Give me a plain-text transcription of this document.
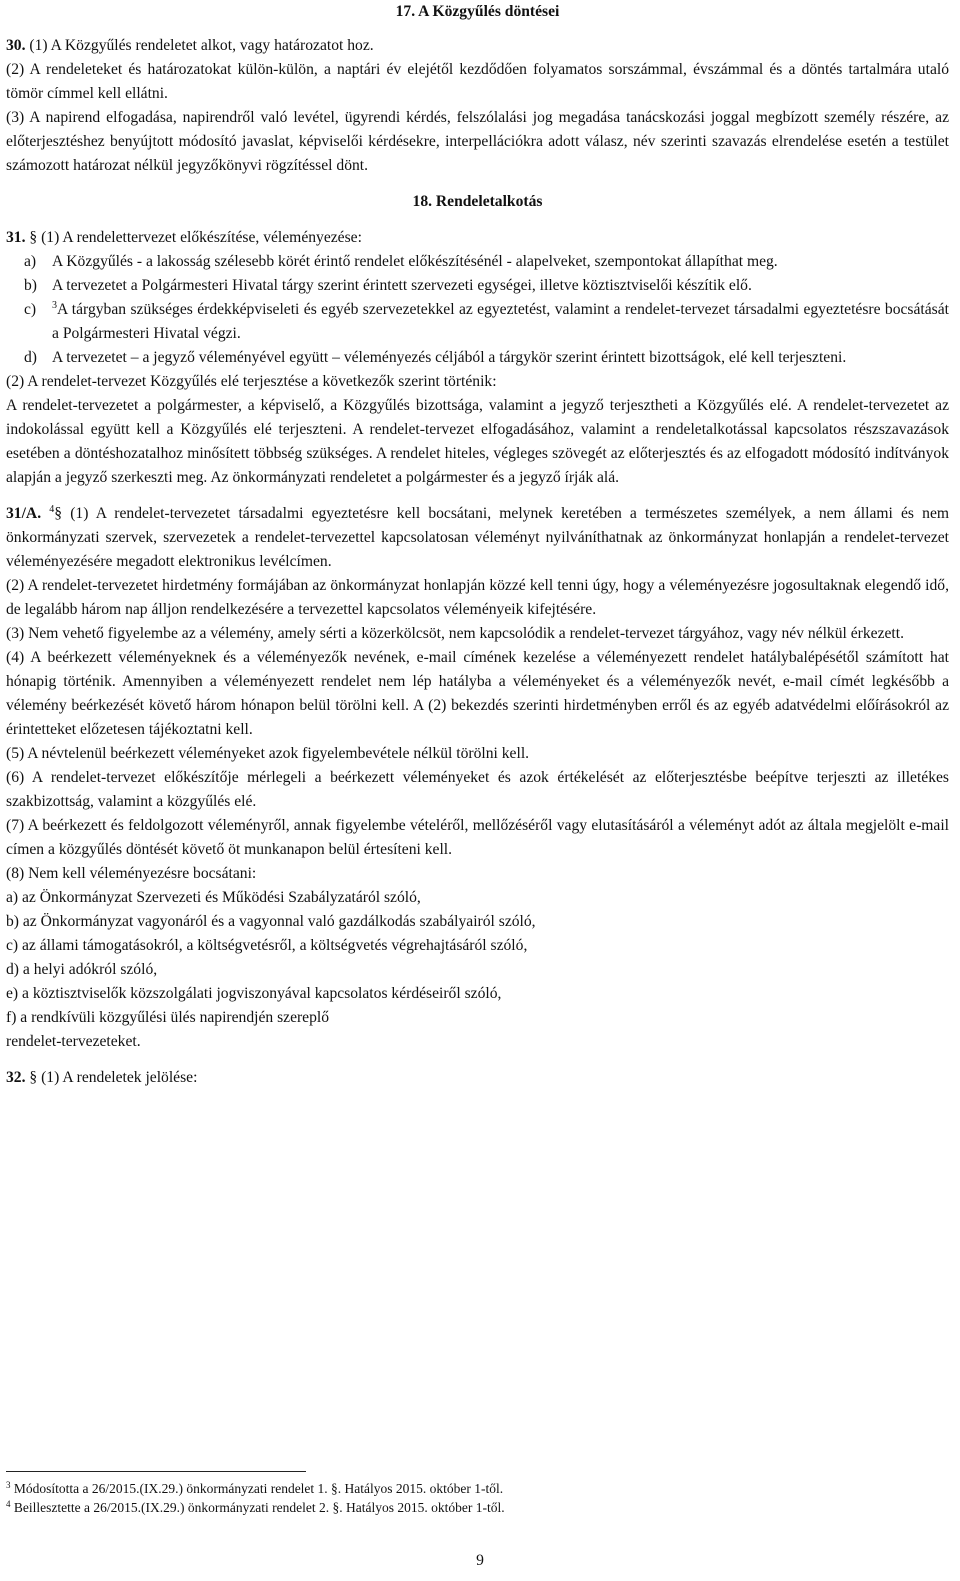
17. A Közgyűlés döntései

30. (1) A Közgyűlés rendeletet alkot, vagy határozatot hoz.

(2) A rendeleteket és határozatokat külön-külön, a naptári év elejétől kezdődően folyamatos sorszámmal, évszámmal és a döntés tartalmára utaló tömör címmel kell ellátni.

(3) A napirend elfogadása, napirendről való levétel, ügyrendi kérdés, felszólalási jog megadása tanácskozási joggal megbízott személy részére, az előterjesztéshez benyújtott módosító javaslat, képviselői kérdésekre, interpellációkra adott válasz, név szerinti szavazás elrendelése esetén a testület számozott határozat nélkül jegyzőkönyvi rögzítéssel dönt.

18. Rendeletalkotás

31. § (1) A rendelettervezet előkészítése, véleményezése:

a)	A Közgyűlés - a lakosság szélesebb körét érintő rendelet előkészítésénél - alapelveket, szempontokat állapíthat meg.
b) A tervezetet a Polgármesteri Hivatal tárgy szerint érintett szervezeti egységei, illetve köztisztviselői készítik elő.
c)	$^3$A tárgyban szükséges érdekképviseleti és egyéb szervezetekkel az egyeztetést, valamint a rendelet-tervezet társadalmi egyeztetésre bocsátását a Polgármesteri Hivatal végzi.
d) A tervezetet – a jegyző véleményével együtt – véleményezés céljából a tárgykör szerint érintett bizottságok, elé kell terjeszteni.

(2) A rendelet-tervezet Közgyűlés elé terjesztése a következők szerint történik:

A rendelet-tervezetet a polgármester, a képviselő, a Közgyűlés bizottsága, valamint a jegyző terjesztheti a Közgyűlés elé. A rendelet-tervezetet az indokolással együtt kell a Közgyűlés elé terjeszteni. A rendelet-tervezet elfogadásához, valamint a rendeletalkotással kapcsolatos részszavazások esetében a döntéshozatalhoz minősített többség szükséges. A rendelet hiteles, végleges szövegét az előterjesztés és az elfogadott módosító indítványok alapján a jegyző szerkeszti meg. Az önkormányzati rendeletet a polgármester és a jegyző írják alá.

31/A. $^4$§ (1) A rendelet-tervezetet társadalmi egyeztetésre kell bocsátani, melynek keretében a természetes személyek, a nem állami és nem önkormányzati szervek, szervezetek a rendelet-tervezettel kapcsolatosan véleményt nyilváníthatnak az önkormányzat honlapján a rendelet-tervezet véleményezésére megadott elektronikus levélcímen.

(2) A rendelet-tervezetet hirdetmény formájában az önkormányzat honlapján közzé kell tenni úgy, hogy a véleményezésre jogosultaknak elegendő idő, de legalább három nap álljon rendelkezésére a tervezettel kapcsolatos véleményeik kifejtésére.

(3) Nem vehető figyelembe az a vélemény, amely sérti a közerkölcsöt, nem kapcsolódik a rendelet-tervezet tárgyához, vagy név nélkül érkezett.

(4) A beérkezett véleményeknek és a véleményezők nevének, e-mail címének kezelése a véleményezett rendelet hatálybalépésétől számított hat hónapig történik. Amennyiben a véleményezett rendelet nem lép hatályba a véleményeket és a véleményezők nevét, e-mail címét legkésőbb a vélemény beérkezését követő három hónapon belül törölni kell. A (2) bekezdés szerinti hirdetményben erről és az egyéb adatvédelmi előírásokról az érintetteket előzetesen tájékoztatni kell.

(5) A névtelenül beérkezett véleményeket azok figyelembevétele nélkül törölni kell.

(6) A rendelet-tervezet előkészítője mérlegeli a beérkezett véleményeket és azok értékelését az előterjesztésbe beépítve terjeszti az illetékes szakbizottság, valamint a közgyűlés elé.

(7) A beérkezett és feldolgozott véleményről, annak figyelembe vételéről, mellőzéséről vagy elutasításáról a véleményt adót az általa megjelölt e-mail címen a közgyűlés döntését követő öt munkanapon belül értesíteni kell.

(8) Nem kell véleményezésre bocsátani:

a) az Önkormányzat Szervezeti és Működési Szabályzatáról szóló,

b) az Önkormányzat vagyonáról és a vagyonnal való gazdálkodás szabályairól szóló,

c) az állami támogatásokról, a költségvetésről, a költségvetés végrehajtásáról szóló,

d) a helyi adókról szóló,

e) a köztisztviselők közszolgálati jogviszonyával kapcsolatos kérdéseiről szóló,

f) a rendkívüli közgyűlési ülés napirendjén szereplő

rendelet-tervezeteket.

32. § (1) A rendeletek jelölése:

$^3$ Módosította a 26/2015.(IX.29.) önkormányzati rendelet 1. §. Hatályos 2015. október 1-től.
$^4$ Beillesztette a 26/2015.(IX.29.) önkormányzati rendelet 2. §. Hatályos 2015. október 1-től.
9
